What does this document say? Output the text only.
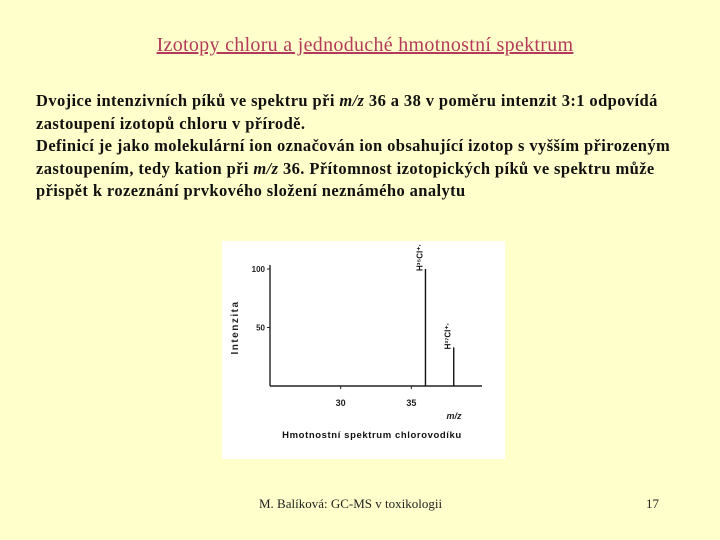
Izotopy chloru a jednoduché hmotnostní spektrum

Dvojice intenzivních píků ve spektru při m/z 36 a 38 v poměru intenzit 3:1 odpovídá zastoupení izotopů chloru v přírodě.

Definicí je jako molekulární ion označován ion obsahující izotop s vyšším přirozeným zastoupením, tedy kation při m/z 36. Přítomnost izotopických píků ve spektru může přispět k rozeznání prvkového složení neznámého analytu

100
50
30	35
Intenzita
m/z
H³⁵Cl⁺·
H³⁷Cl⁺·
Hmotnostní spektrum chlorovodíku
M. Balíková: GC-MS v toxikologii	17
